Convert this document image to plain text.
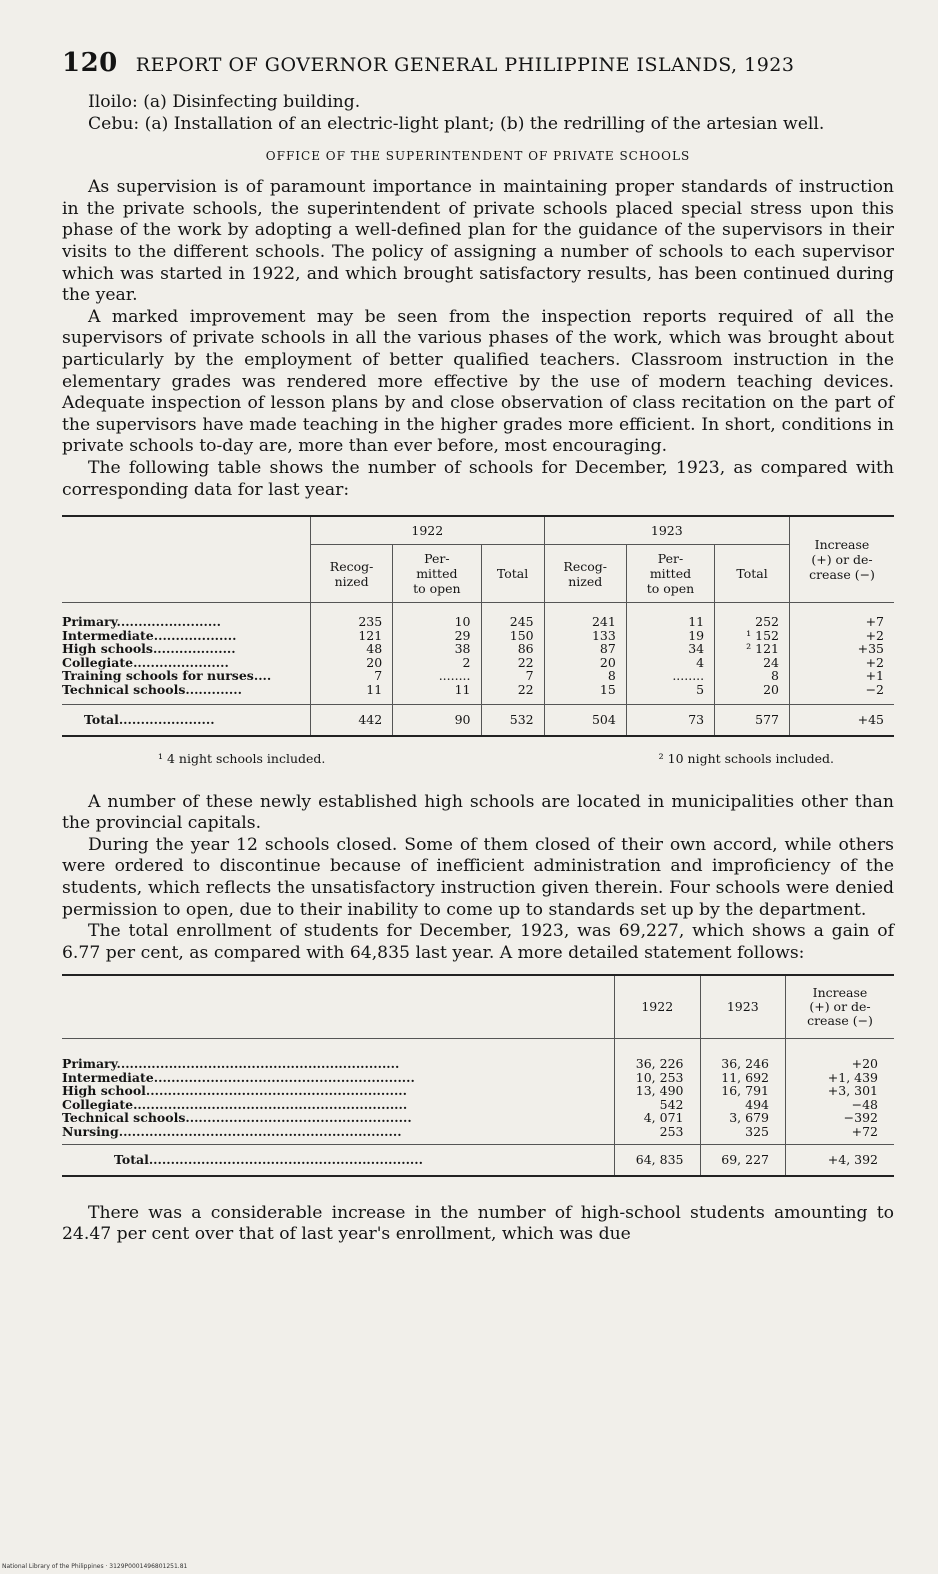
120 REPORT OF GOVERNOR GENERAL PHILIPPINE ISLANDS, 1923

Iloilo: (a) Disinfecting building.

Cebu: (a) Installation of an electric-light plant; (b) the redrilling of the artesian well.

OFFICE OF THE SUPERINTENDENT OF PRIVATE SCHOOLS

As supervision is of paramount importance in maintaining proper standards of instruction in the private schools, the superintendent of private schools placed special stress upon this phase of the work by adopting a well-defined plan for the guidance of the supervisors in their visits to the different schools. The policy of assigning a number of schools to each supervisor which was started in 1922, and which brought satisfactory results, has been continued during the year.

A marked improvement may be seen from the inspection reports required of all the supervisors of private schools in all the various phases of the work, which was brought about particularly by the employment of better qualified teachers. Classroom instruction in the elementary grades was rendered more effective by the use of modern teaching devices. Adequate inspection of lesson plans by and close observation of class recitation on the part of the supervisors have made teaching in the higher grades more efficient. In short, conditions in private schools to-day are, more than ever before, most encouraging.

The following table shows the number of schools for December, 1923, as compared with corresponding data for last year:

	1922			1923			Increase
(+) or de-
crease (−)
	Recog-
nized	Per-
mitted
to open	Total	Recog-
nized	Per-
mitted
to open	Total	
Primary........................	235	10	245	241	11	252	+7
Intermediate...................	121	29	150	133	19	¹ 152	+2
High schools...................	48	38	86	87	34	² 121	+35
Collegiate......................	20	2	22	20	4	24	+2
Training schools for nurses....	7	........	7	8	........	8	+1
Technical schools.............	11	11	22	15	5	20	−2
Total......................	442	90	532	504	73	577	+45
¹ 4 night schools included.	² 10 night schools included.

A number of these newly established high schools are located in municipalities other than the provincial capitals.

During the year 12 schools closed. Some of them closed of their own accord, while others were ordered to discontinue because of inefficient administration and improficiency of the students, which reflects the unsatisfactory instruction given therein. Four schools were denied permission to open, due to their inability to come up to standards set up by the department.

The total enrollment of students for December, 1923, was 69,227, which shows a gain of 6.77 per cent, as compared with 64,835 last year. A more detailed statement follows:

	1922	1923	Increase
(+) or de-
crease (−)
Primary.................................................................	36, 226	36, 246	+20
Intermediate............................................................	10, 253	11, 692	+1, 439
High school............................................................	13, 490	16, 791	+3, 301
Collegiate...............................................................	542	494	−48
Technical schools....................................................	4, 071	3, 679	−392
Nursing.................................................................	253	325	+72
Total...............................................................	64, 835	69, 227	+4, 392

There was a considerable increase in the number of high-school students amounting to 24.47 per cent over that of last year's enrollment, which was due

National Library of the Philippines · 3129P0001496801251.81
